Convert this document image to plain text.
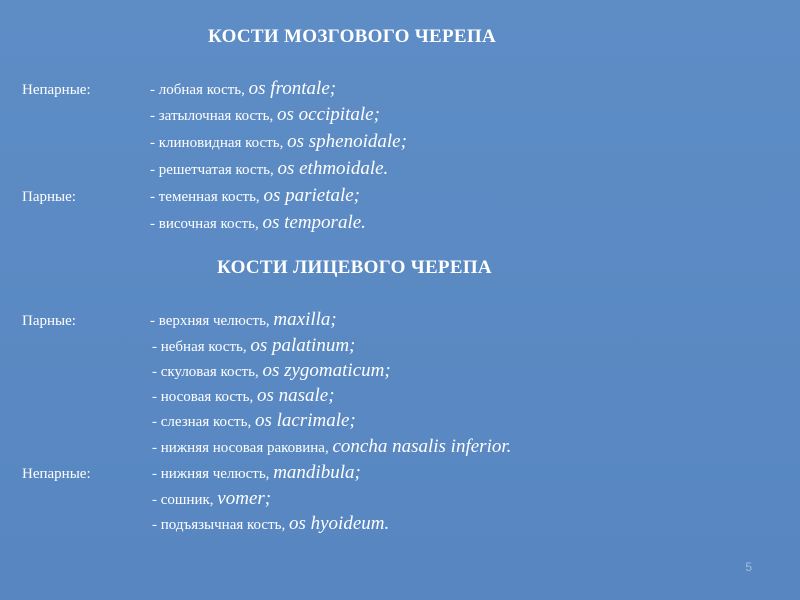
КОСТИ МОЗГОВОГО ЧЕРЕПА
Непарные:	- лобная кость, os frontale;
- затылочная кость, os occipitale;
- клиновидная кость, os sphenoidale;
- решетчатая кость, os ethmoidale.
Парные:	- теменная кость, os parietale;
- височная кость, os temporale.
КОСТИ ЛИЦЕВОГО ЧЕРЕПА
Парные:	- верхняя челюсть, maxilla;
- небная кость, os palatinum;
- скуловая кость, os zygomaticum;
- носовая кость, os nasale;
- слезная кость, os lacrimale;
- нижняя носовая раковина, concha nasalis inferior.
Непарные:	- нижняя челюсть, mandibula;
- сошник, vomer;
- подъязычная кость, os hyoideum.
5
